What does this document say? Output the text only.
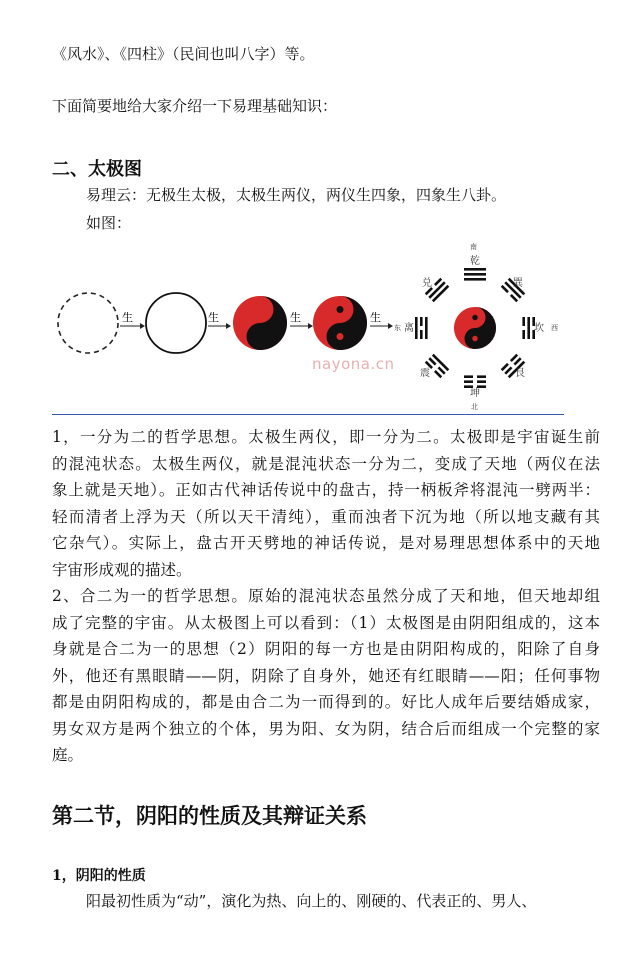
《风水》、《四柱》（民间也叫八字）等。
下面简要地给大家介绍一下易理基础知识：
二、太极图
易理云：无极生太极，太极生两仪，两仪生四象，四象生八卦。
如图：
生	生	生	生
南
乾
兑	巽
东 离	坎 西
震	艮
坤
北
nayona.cn
1，一分为二的哲学思想。太极生两仪，即一分为二。太极即是宇宙诞生前
的混沌状态。太极生两仪，就是混沌状态一分为二，变成了天地（两仪在法
象上就是天地）。正如古代神话传说中的盘古，持一柄板斧将混沌一劈两半：
轻而清者上浮为天（所以天干清纯），重而浊者下沉为地（所以地支藏有其
它杂气）。实际上，盘古开天劈地的神话传说，是对易理思想体系中的天地
宇宙形成观的描述。
2、合二为一的哲学思想。原始的混沌状态虽然分成了天和地，但天地却组
成了完整的宇宙。从太极图上可以看到：（1）太极图是由阴阳组成的，这本
身就是合二为一的思想（2）阴阳的每一方也是由阴阳构成的，阳除了自身
外，他还有黑眼睛——阴，阴除了自身外，她还有红眼睛——阳；任何事物
都是由阴阳构成的，都是由合二为一而得到的。好比人成年后要结婚成家，
男女双方是两个独立的个体，男为阳、女为阴，结合后而组成一个完整的家
庭。
第二节，阴阳的性质及其辩证关系
1，阴阳的性质
阳最初性质为“动”，演化为热、向上的、刚硬的、代表正的、男人、
